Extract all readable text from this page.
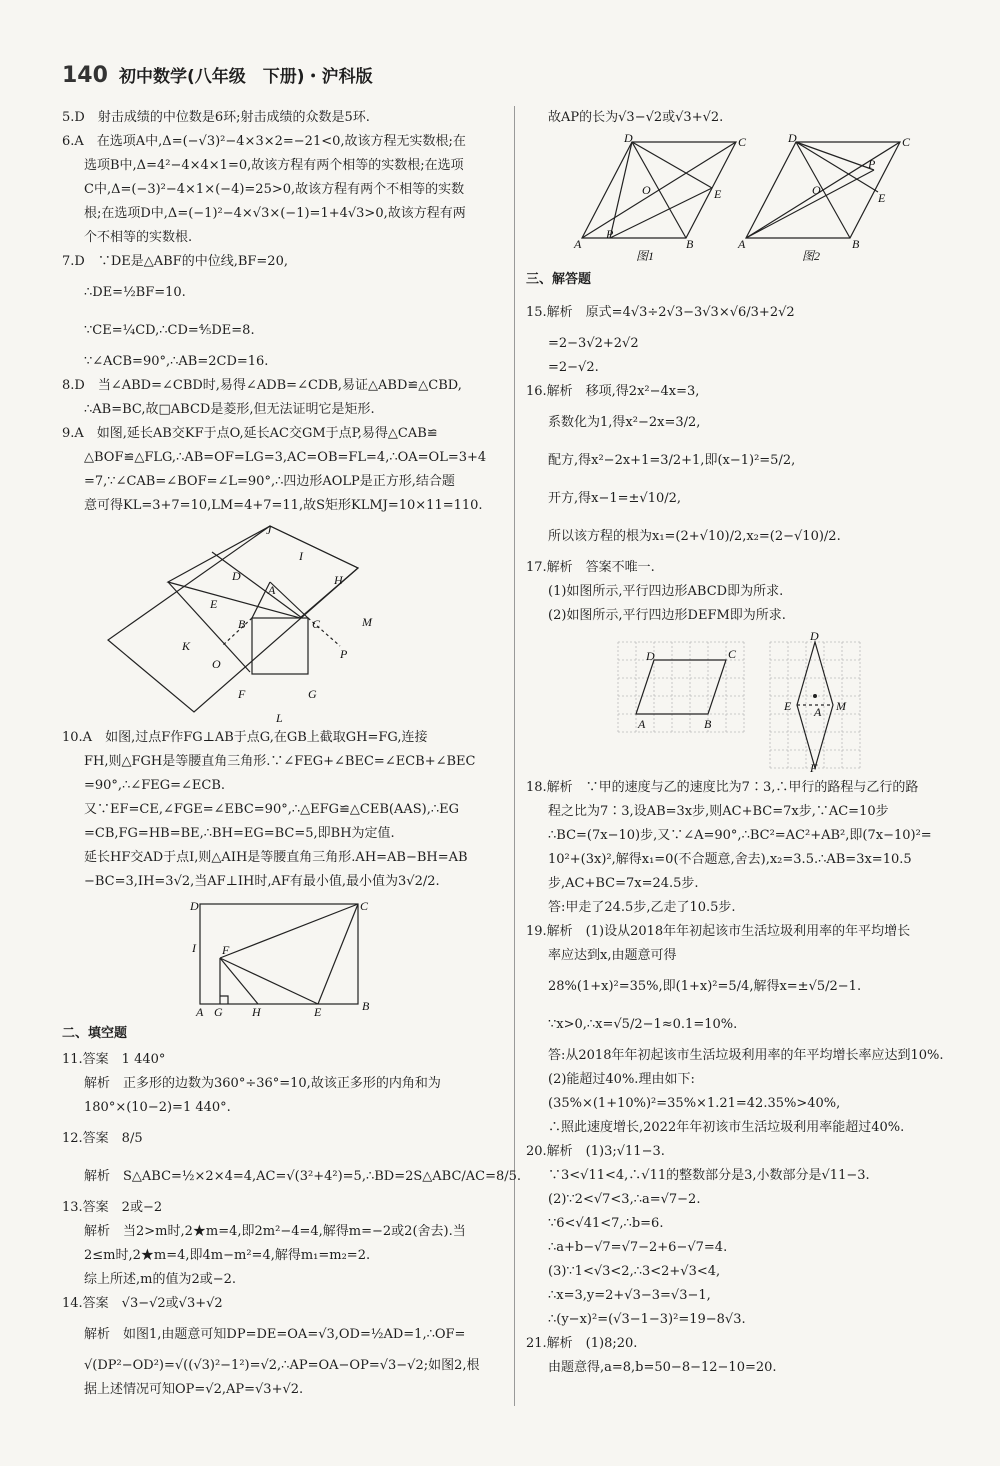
140 初中数学(八年级　下册)・沪科版

5.D　射击成绩的中位数是6环;射击成绩的众数是5环.

6.A　在选项A中,Δ=(−√3)²−4×3×2=−21<0,故该方程无实数根;在

选项B中,Δ=4²−4×4×1=0,故该方程有两个相等的实数根;在选项

C中,Δ=(−3)²−4×1×(−4)=25>0,故该方程有两个不相等的实数

根;在选项D中,Δ=(−1)²−4×√3×(−1)=1+4√3>0,故该方程有两

个不相等的实数根.

7.D　∵DE是△ABF的中位线,BF=20,

∴DE=½BF=10.

∵CE=¼CD,∴CD=⅘DE=8.

∵∠ACB=90°,∴AB=2CD=16.

8.D　当∠ABD=∠CBD时,易得∠ADB=∠CDB,易证△ABD≌△CBD,

∴AB=BC,故□ABCD是菱形,但无法证明它是矩形.

9.A　如图,延长AB交KF于点O,延长AC交GM于点P,易得△CAB≌

△BOF≌△FLG,∴AB=OF=LG=3,AC=OB=FL=4,∴OA=OL=3+4

=7,∵∠CAB=∠BOF=∠L=90°,∴四边形AOLP是正方形,结合题

意可得KL=3+7=10,LM=4+7=11,故S矩形KLMJ=10×11=110.

J
I
D
A
H
E
M
B	C
K
P
O
F	G
L

10.A　如图,过点F作FG⊥AB于点G,在GB上截取GH=FG,连接

FH,则△FGH是等腰直角三角形.∵∠FEG+∠BEC=∠ECB+∠BEC

=90°,∴∠FEG=∠ECB.

又∵EF=CE,∠FGE=∠EBC=90°,∴△EFG≌△CEB(AAS),∴EG

=CB,FG=HB=BE,∴BH=EG=BC=5,即BH为定值.

延长HF交AD于点I,则△AIH是等腰直角三角形.AH=AB−BH=AB

−BC=3,IH=3√2,当AF⊥IH时,AF有最小值,最小值为3√2/2.

D	C
I F
A G H	E	B

二、填空题

11.答案　1 440°

解析　正多形的边数为360°÷36°=10,故该正多形的内角和为

180°×(10−2)=1 440°.

12.答案　8/5

解析　S△ABC=½×2×4=4,AC=√(3²+4²)=5,∴BD=2S△ABC/AC=8/5.

13.答案　2或−2

解析　当2>m时,2★m=4,即2m²−4=4,解得m=−2或2(舍去).当

2≤m时,2★m=4,即4m−m²=4,解得m₁=m₂=2.

综上所述,m的值为2或−2.

14.答案　√3−√2或√3+√2

解析　如图1,由题意可知DP=DE=OA=√3,OD=½AD=1,∴OF=

√(DP²−OD²)=√((√3)²−1²)=√2,∴AP=OA−OP=√3−√2;如图2,根

据上述情况可知OP=√2,AP=√3+√2.

故AP的长为√3−√2或√3+√2.

D	C
O	E
A
P
B
图1
D	C
O
P
E
A	B
图2

三、解答题

15.解析　原式=4√3÷2√3−3√3×√6/3+2√2

=2−3√2+2√2

=2−√2.

16.解析　移项,得2x²−4x=3,

系数化为1,得x²−2x=3/2,

配方,得x²−2x+1=3/2+1,即(x−1)²=5/2,

开方,得x−1=±√10/2,

所以该方程的根为x₁=(2+√10)/2,x₂=(2−√10)/2.

17.解析　答案不唯一.

(1)如图所示,平行四边形ABCD即为所求.

(2)如图所示,平行四边形DEFM即为所求.

D	C
A	B
D
E A M
F

18.解析　∵甲的速度与乙的速度比为7∶3,∴甲行的路程与乙行的路

程之比为7∶3,设AB=3x步,则AC+BC=7x步,∵AC=10步

∴BC=(7x−10)步,又∵∠A=90°,∴BC²=AC²+AB²,即(7x−10)²=

10²+(3x)²,解得x₁=0(不合题意,舍去),x₂=3.5.∴AB=3x=10.5

步,AC+BC=7x=24.5步.

答:甲走了24.5步,乙走了10.5步.

19.解析　(1)设从2018年年初起该市生活垃圾利用率的年平均增长

率应达到x,由题意可得

28%(1+x)²=35%,即(1+x)²=5/4,解得x=±√5/2−1.

∵x>0,∴x=√5/2−1≈0.1=10%.

答:从2018年年初起该市生活垃圾利用率的年平均增长率应达到10%.

(2)能超过40%.理由如下:

(35%×(1+10%)²=35%×1.21=42.35%>40%,

∴照此速度增长,2022年年初该市生活垃圾利用率能超过40%.

20.解析　(1)3;√11−3.

∵3<√11<4,∴√11的整数部分是3,小数部分是√11−3.

(2)∵2<√7<3,∴a=√7−2.

∵6<√41<7,∴b=6.

∴a+b−√7=√7−2+6−√7=4.

(3)∵1<√3<2,∴3<2+√3<4,

∴x=3,y=2+√3−3=√3−1,

∴(y−x)²=(√3−1−3)²=19−8√3.

21.解析　(1)8;20.

由题意得,a=8,b=50−8−12−10=20.
